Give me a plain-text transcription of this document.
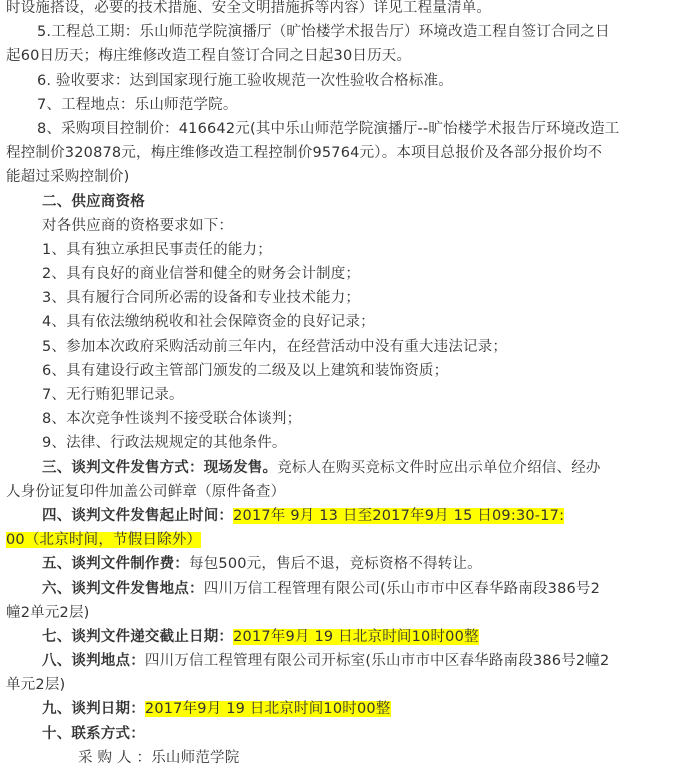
时设施搭设，必要的技术措施、安全文明措施拆等内容）详见工程量清单。
5.工程总工期：乐山师范学院演播厅（旷怡楼学术报告厅）环境改造工程自签订合同之日
起60日历天；梅庄维修改造工程自签订合同之日起30日历天。
6. 验收要求：达到国家现行施工验收规范一次性验收合格标准。
7、工程地点：乐山师范学院。
8、采购项目控制价：416642元(其中乐山师范学院演播厅--旷怡楼学术报告厅环境改造工
程控制价320878元，梅庄维修改造工程控制价95764元）。本项目总报价及各部分报价均不
能超过采购控制价)
二、供应商资格
对各供应商的资格要求如下：
1、具有独立承担民事责任的能力；
2、具有良好的商业信誉和健全的财务会计制度；
3、具有履行合同所必需的设备和专业技术能力；
4、具有依法缴纳税收和社会保障资金的良好记录；
5、参加本次政府采购活动前三年内，在经营活动中没有重大违法记录；
6、具有建设行政主管部门颁发的二级及以上建筑和装饰资质；
7、无行贿犯罪记录。
8、本次竞争性谈判不接受联合体谈判；
9、法律、行政法规规定的其他条件。
三、谈判文件发售方式：现场发售。竞标人在购买竞标文件时应出示单位介绍信、经办
人身份证复印件加盖公司鲜章（原件备查）
四、谈判文件发售起止时间：2017年 9月 13 日至2017年9月 15 日09:30-17:
00（北京时间，节假日除外）
五、谈判文件制作费：每包500元，售后不退，竞标资格不得转让。
六、谈判文件发售地点：四川万信工程管理有限公司(乐山市市中区春华路南段386号2
幢2单元2层)
七、谈判文件递交截止日期：2017年9月 19 日北京时间10时00整
八、谈判地点：四川万信工程管理有限公司开标室(乐山市市中区春华路南段386号2幢2
单元2层)
九、谈判日期：2017年9月 19 日北京时间10时00整
十、联系方式：
采 购 人 ：乐山师范学院
